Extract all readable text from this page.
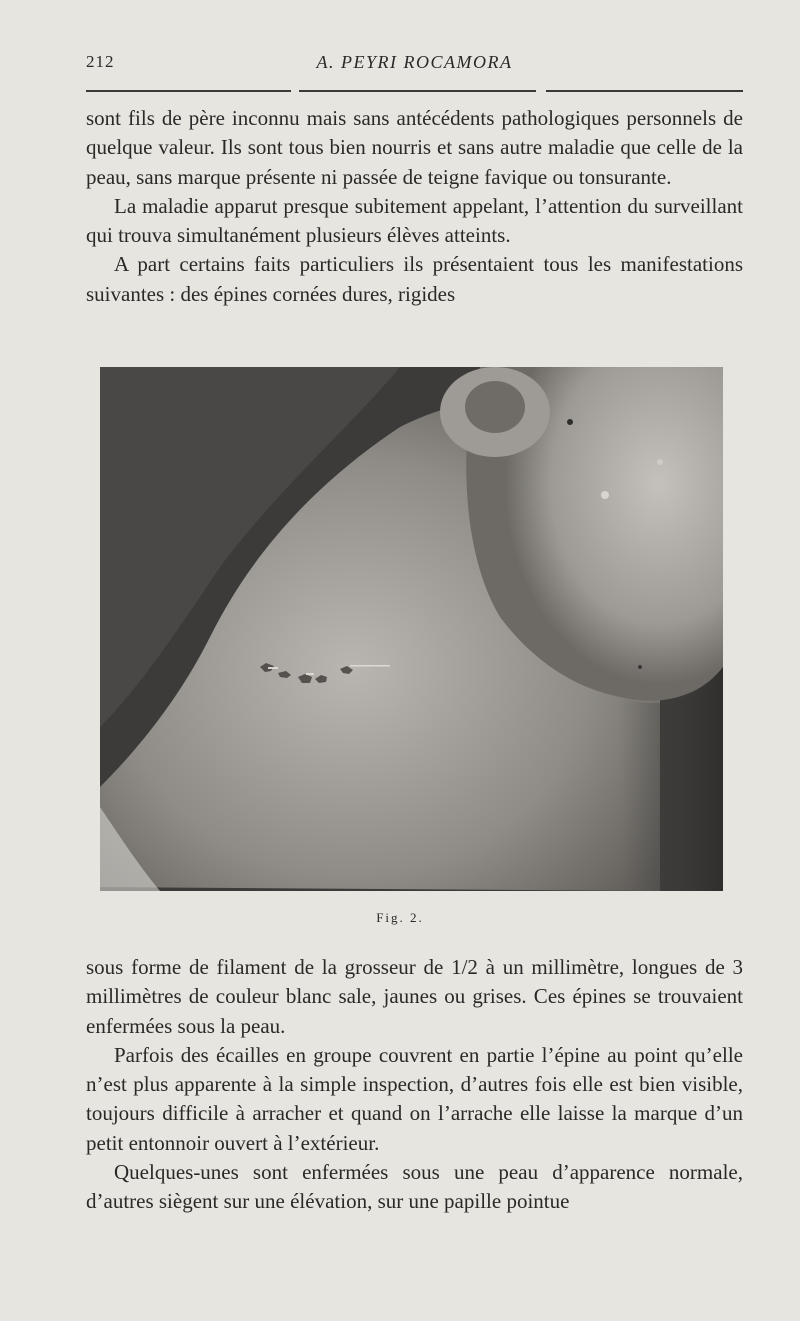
212	A. PEYRI ROCAMORA

sont fils de père inconnu mais sans antécédents pathologiques personnels de quelque valeur. Ils sont tous bien nourris et sans autre maladie que celle de la peau, sans marque présente ni passée de teigne favique ou tonsurante.

La maladie apparut presque subitement appelant, l’attention du surveillant qui trouva simultanément plusieurs élèves atteints.

A part certains faits particuliers ils présentaient tous les manifestations suivantes : des épines cornées dures, rigides

Fig. 2.

sous forme de filament de la grosseur de 1/2 à un millimètre, longues de 3 millimètres de couleur blanc sale, jaunes ou grises. Ces épines se trouvaient enfermées sous la peau.

Parfois des écailles en groupe couvrent en partie l’épine au point qu’elle n’est plus apparente à la simple inspection, d’autres fois elle est bien visible, toujours difficile à arracher et quand on l’arrache elle laisse la marque d’un petit entonnoir ouvert à l’extérieur.

Quelques-unes sont enfermées sous une peau d’apparence normale, d’autres siègent sur une élévation, sur une papille pointue
